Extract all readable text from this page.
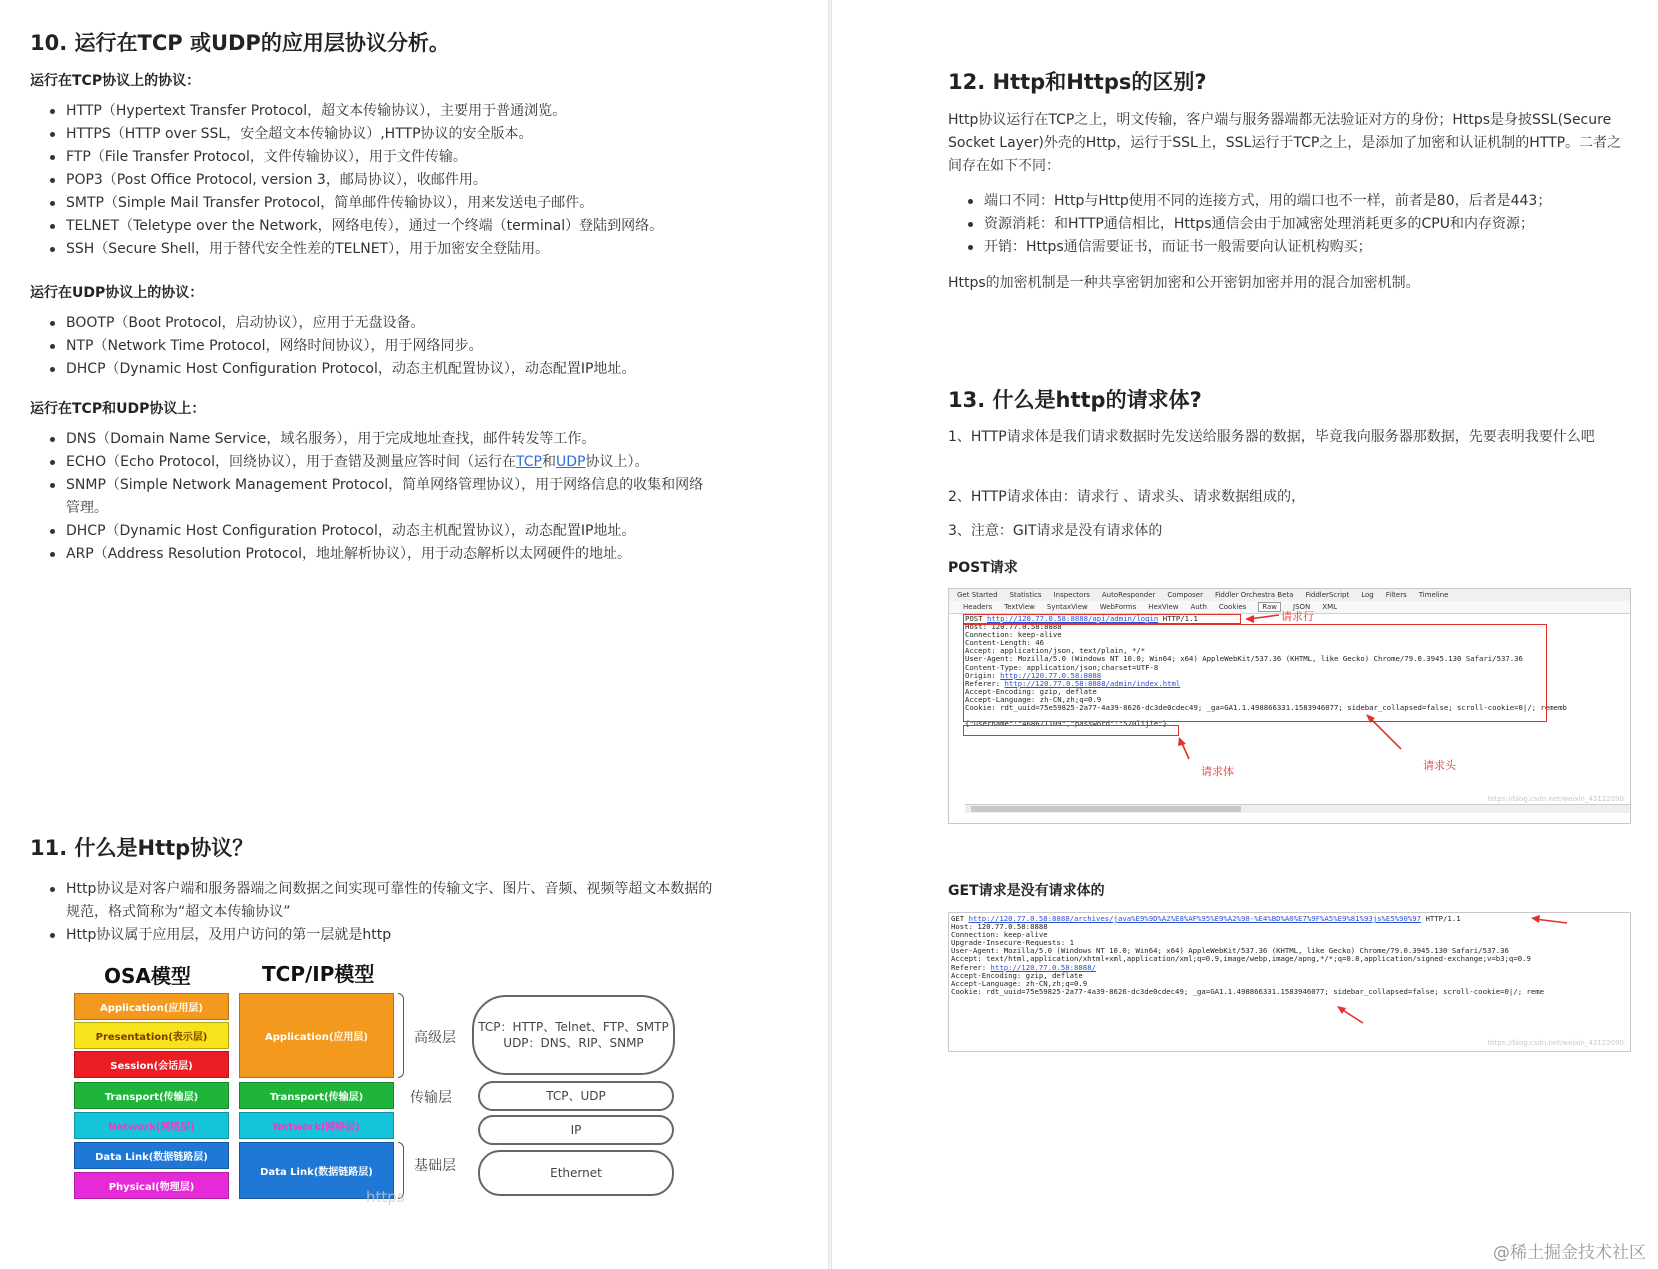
10. 运行在TCP 或UDP的应用层协议分析。
运行在TCP协议上的协议：
HTTP（Hypertext Transfer Protocol，超文本传输协议），主要用于普通浏览。
HTTPS（HTTP over SSL，安全超文本传输协议）,HTTP协议的安全版本。
FTP（File Transfer Protocol，文件传输协议），用于文件传输。
POP3（Post Office Protocol, version 3，邮局协议），收邮件用。
SMTP（Simple Mail Transfer Protocol，简单邮件传输协议），用来发送电子邮件。
TELNET（Teletype over the Network，网络电传），通过一个终端（terminal）登陆到网络。
SSH（Secure Shell，用于替代安全性差的TELNET），用于加密安全登陆用。
运行在UDP协议上的协议：
BOOTP（Boot Protocol，启动协议），应用于无盘设备。
NTP（Network Time Protocol，网络时间协议），用于网络同步。
DHCP（Dynamic Host Configuration Protocol，动态主机配置协议），动态配置IP地址。
运行在TCP和UDP协议上：
DNS（Domain Name Service，域名服务），用于完成地址查找，邮件转发等工作。
ECHO（Echo Protocol，回绕协议），用于查错及测量应答时间（运行在TCP和UDP协议上）。
SNMP（Simple Network Management Protocol，简单网络管理协议），用于网络信息的收集和网络管理。
DHCP（Dynamic Host Configuration Protocol，动态主机配置协议），动态配置IP地址。
ARP（Address Resolution Protocol，地址解析协议），用于动态解析以太网硬件的地址。
11. 什么是Http协议？
Http协议是对客户端和服务器端之间数据之间实现可靠性的传输文字、图片、音频、视频等超文本数据的规范，格式简称为“超文本传输协议”
Http协议属于应用层，及用户访问的第一层就是http
OSA模型	TCP/IP模型
Application(应用层)
Presentation(表示层)
Session(会话层)
Transport(传输层)
Network(网络层)
Data Link(数据链路层)
Physical(物理层)
Application(应用层)
Transport(传输层)
Network(网络层)
Data Link(数据链路层)
高级层
传输层
基础层
TCP：HTTP、Telnet、FTP、SMTP
UDP：DNS、RIP、SNMP
TCP、UDP
IP
Ethernet
https
12. Http和Https的区别?

Http协议运行在TCP之上，明文传输，客户端与服务器端都无法验证对方的身份；Https是身披SSL(Secure Socket Layer)外壳的Http，运行于SSL上，SSL运行于TCP之上，是添加了加密和认证机制的HTTP。二者之间存在如下不同：

端口不同：Http与Http使用不同的连接方式，用的端口也不一样，前者是80，后者是443；
资源消耗：和HTTP通信相比，Https通信会由于加减密处理消耗更多的CPU和内存资源；
开销：Https通信需要证书，而证书一般需要向认证机构购买；

Https的加密机制是一种共享密钥加密和公开密钥加密并用的混合加密机制。

13. 什么是http的请求体?

1、HTTP请求体是我们请求数据时先发送给服务器的数据，毕竟我向服务器那数据，先要表明我要什么吧

2、HTTP请求体由：请求行 、请求头、请求数据组成的，

3、注意：GIT请求是没有请求体的

POST请求
Get Started Statistics Inspectors AutoResponder Composer Fiddler Orchestra Beta FiddlerScript Log Filters Timeline
Headers TextView SyntaxView WebForms HexView Auth Cookies	Raw	JSON XML
POST http://120.77.0.58:8888/api/admin/login HTTP/1.1
Host: 120.77.0.58:8888
Connection: keep-alive
Content-Length: 46
Accept: application/json, text/plain, */*
User-Agent: Mozilla/5.0 (Windows NT 10.0; Win64; x64) AppleWebKit/537.36 (KHTML, like Gecko) Chrome/79.0.3945.130 Safari/537.36
Content-Type: application/json;charset=UTF-8
Origin: http://120.77.0.58:8888
Referer: http://120.77.0.58:8888/admin/index.html
Accept-Encoding: gzip, deflate
Accept-Language: zh-CN,zh;q=0.9
Cookie: rdt_uuid=75e59825-2a77-4a39-8626-dc3de0cdec49; _ga=GA1.1.498866331.1583946077; sidebar_collapsed=false; scroll-cookie=0|/; rememb
{"username":"468671109","password":"520lijie"}
请求行
请求体	请求头
https://blog.csdn.net/weixin_43122090
GET请求是没有请求体的
GET http://120.77.0.58:8888/archives/java%E9%9D%A2%E8%AF%95%E9%A2%98-%E4%BD%A0%E7%9F%A5%E9%81%93js%E5%90%97 HTTP/1.1
Host: 120.77.0.58:8888
Connection: keep-alive
Upgrade-Insecure-Requests: 1
User-Agent: Mozilla/5.0 (Windows NT 10.0; Win64; x64) AppleWebKit/537.36 (KHTML, like Gecko) Chrome/79.0.3945.130 Safari/537.36
Accept: text/html,application/xhtml+xml,application/xml;q=0.9,image/webp,image/apng,*/*;q=0.8,application/signed-exchange;v=b3;q=0.9
Referer: http://120.77.0.58:8888/
Accept-Encoding: gzip, deflate
Accept-Language: zh-CN,zh;q=0.9
Cookie: rdt_uuid=75e59825-2a77-4a39-8626-dc3de0cdec49; _ga=GA1.1.498866331.1583946077; sidebar_collapsed=false; scroll-cookie=0|/; reme
https://blog.csdn.net/weixin_43122090
@稀土掘金技术社区
